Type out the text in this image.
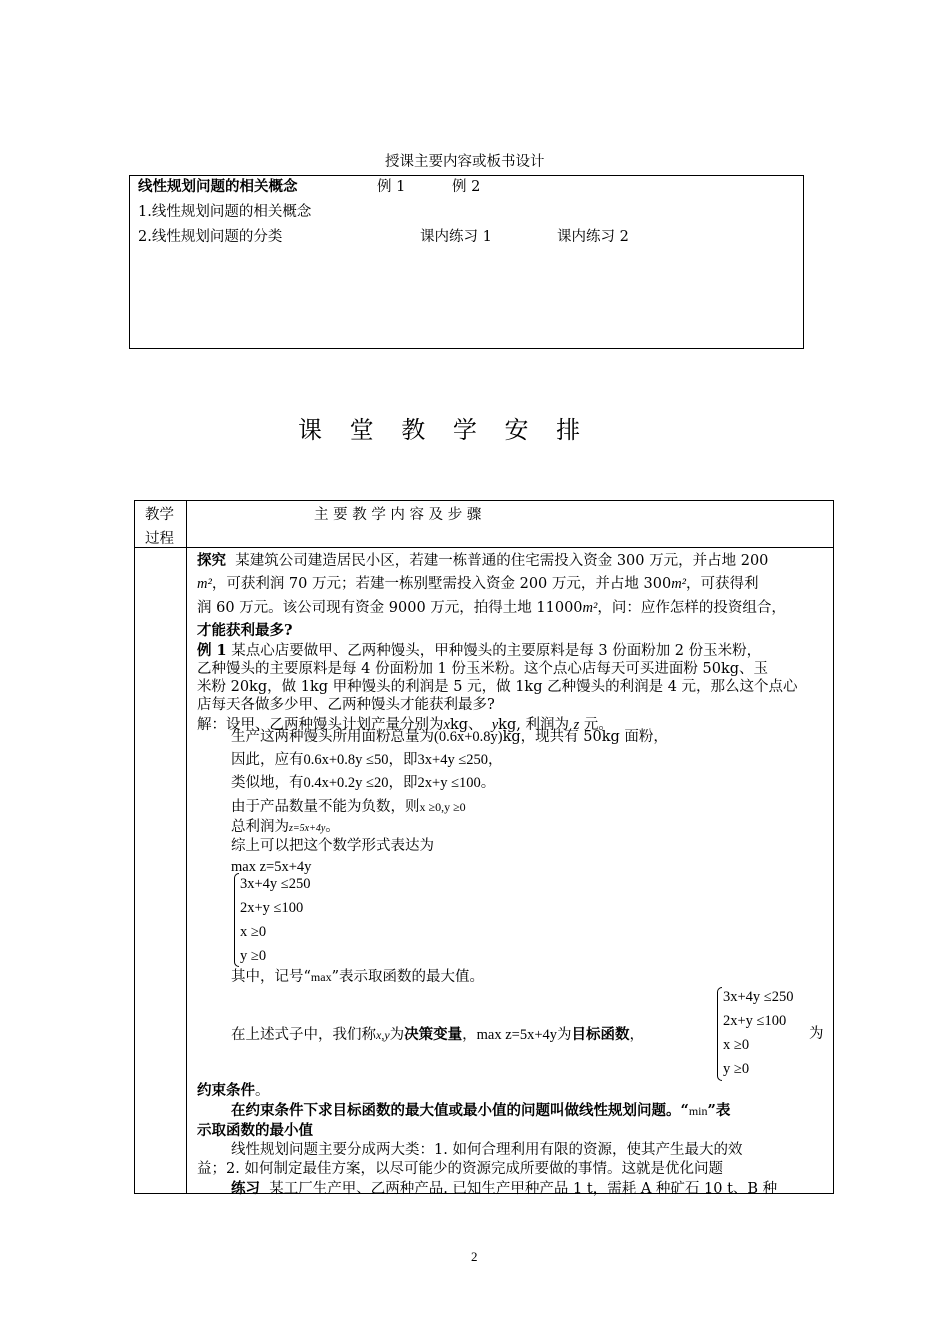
授课主要内容或板书设计
线性规划问题的相关概念	例 1	例 2
1.线性规划问题的相关概念
2.线性规划问题的分类	课内练习 1	课内练习 2
课 堂 教 学 安 排
教学
过程
主 要 教 学 内 容 及 步 骤
探究 某建筑公司建造居民小区，若建一栋普通的住宅需投入资金 300 万元，并占地 200
m²，可获利润 70 万元；若建一栋别墅需投入资金 200 万元，并占地 300m²，可获得利
润 60 万元。该公司现有资金 9000 万元，拍得土地 11000m²，问：应作怎样的投资组合，
才能获利最多?
例 1 某点心店要做甲、乙两种馒头，甲种馒头的主要原料是每 3 份面粉加 2 份玉米粉，
乙种馒头的主要原料是每 4 份面粉加 1 份玉米粉。这个点心店每天可买进面粉 50kg、玉
米粉 20kg，做 1kg 甲种馒头的利润是 5 元，做 1kg 乙种馒头的利润是 4 元，那么这个点心
店每天各做多少甲、乙两种馒头才能获利最多?
解：设甲、乙两种馒头计划产量分别为xkg、 ykg, 利润为 z 元。
生产这两种馒头所用面粉总量为(0.6x+0.8y)kg，现共有 50kg 面粉，
因此，应有0.6x+0.8y ≤50，即3x+4y ≤250，
类似地，有0.4x+0.2y ≤20，即2x+y ≤100。
由于产品数量不能为负数，则x ≥0,y ≥0
总利润为z=5x+4y。
综上可以把这个数学形式表达为
max z=5x+4y
3x+4y ≤250
2x+y ≤100
x ≥0
y ≥0
其中，记号“max”表示取函数的最大值。
3x+4y ≤250
2x+y ≤100
x ≥0
y ≥0
在上述式子中，我们称x,y为决策变量，max z=5x+4y为目标函数，	为
约束条件。
在约束条件下求目标函数的最大值或最小值的问题叫做线性规划问题。“min”表
示取函数的最小值
线性规划问题主要分成两大类：1. 如何合理利用有限的资源，使其产生最大的效
益；2. 如何制定最佳方案，以尽可能少的资源完成所要做的事情。这就是优化问题
练习 某工厂生产甲、乙两种产品. 已知生产甲种产品 1 t，需耗 A 种矿石 10 t、B 种
2
